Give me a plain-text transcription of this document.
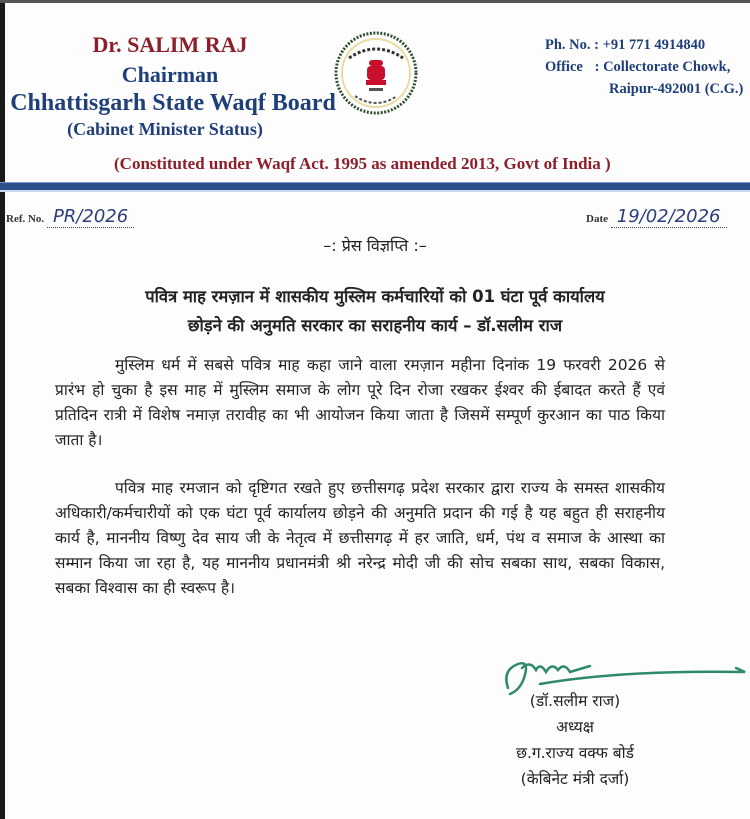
Dr. SALIM RAJ
Chairman
Chhattisgarh State Waqf Board
(Cabinet Minister Status)
Ph. No. : +91 771 4914840
Office : Collectorate Chowk,
Raipur-492001 (C.G.)
(Constituted under Waqf Act. 1995 as amended 2013, Govt of India )
Ref. No. PR/2026	Date 19/02/2026
–: प्रेस विज्ञप्ति :–
पवित्र माह रमज़ान में शासकीय मुस्लिम कर्मचारियों को 01 घंटा पूर्व कार्यालय
छोड़ने की अनुमति सरकार का सराहनीय कार्य – डॉ.सलीम राज
मुस्लिम धर्म में सबसे पवित्र माह कहा जाने वाला रमज़ान महीना दिनांक 19 फरवरी 2026 से प्रारंभ हो चुका है इस माह में मुस्लिम समाज के लोग पूरे दिन रोजा रखकर ईश्वर की ईबादत करते हैं एवं प्रतिदिन रात्री में विशेष नमाज़ तरावीह का भी आयोजन किया जाता है जिसमें सम्पूर्ण कुरआन का पाठ किया जाता है।
पवित्र माह रमजान को दृष्टिगत रखते हुए छत्तीसगढ़ प्रदेश सरकार द्वारा राज्य के समस्त शासकीय अधिकारी/कर्मचारीयों को एक घंटा पूर्व कार्यालय छोड़ने की अनुमति प्रदान की गई है यह बहुत ही सराहनीय कार्य है, माननीय विष्णु देव साय जी के नेतृत्व में छत्तीसगढ़ में हर जाति, धर्म, पंथ व समाज के आस्था का सम्मान किया जा रहा है, यह माननीय प्रधानमंत्री श्री नरेन्द्र मोदी जी की सोच सबका साथ, सबका विकास, सबका विश्वास का ही स्वरूप है।
(डॉ.सलीम राज)
अध्यक्ष
छ.ग.राज्य वक्फ बोर्ड
(केबिनेट मंत्री दर्जा)
